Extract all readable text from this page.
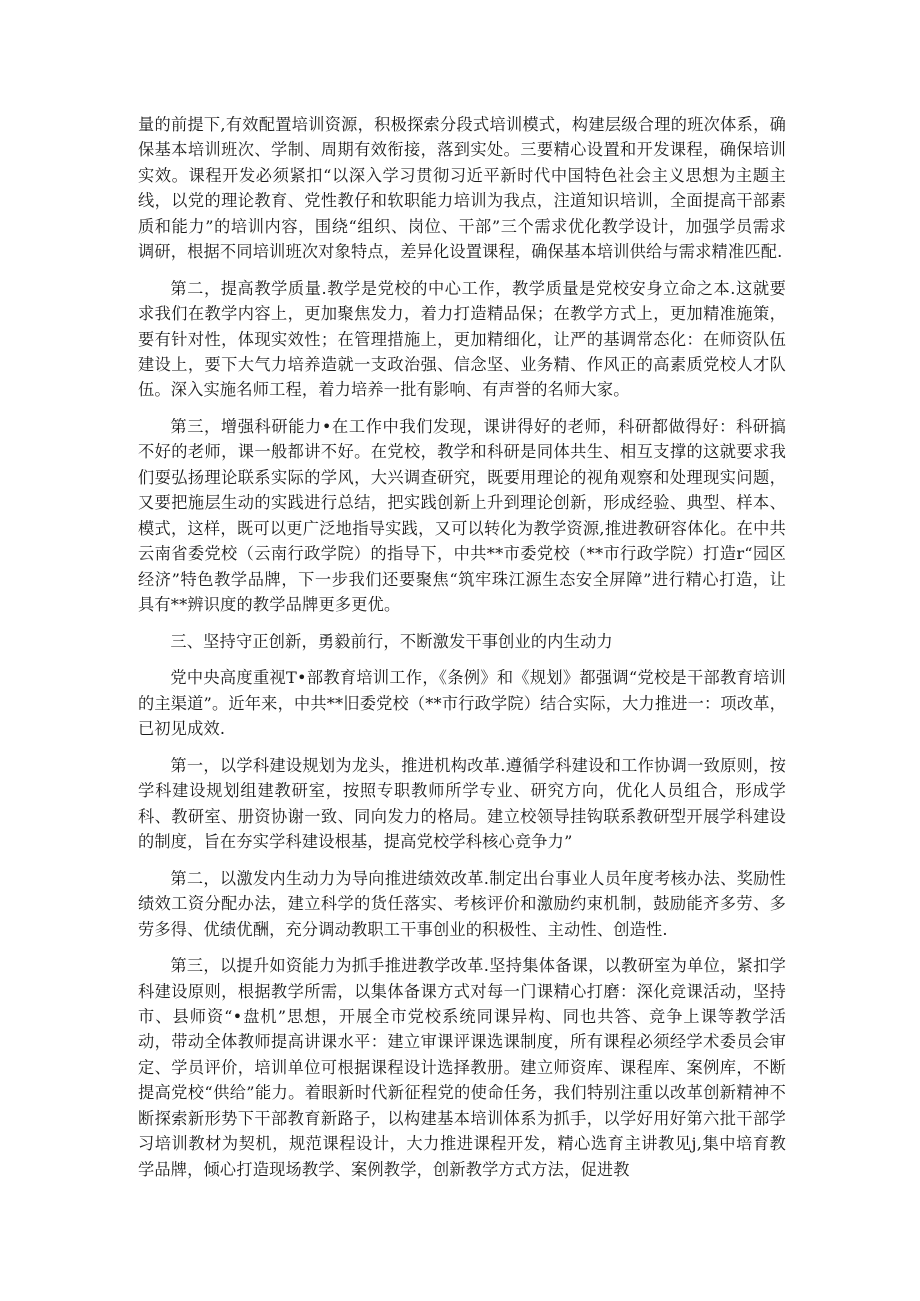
量的前提下,有效配置培训资源，积极探索分段式培训模式，构建层级合理的班次体系，确保基本培训班次、学制、周期有效衔接，落到实处。三要精心设置和开发课程，确保培训实效。课程开发必须紧扣“以深入学习贯彻习近平新时代中国特色社会主义思想为主题主线，以党的理论教育、党性教仔和软职能力培训为我点，注道知识培训，全面提高干部素质和能力”的培训内容，围绕“组织、岗位、干部”三个需求优化教学设计，加强学员需求调研，根据不同培训班次对象特点，差异化设置课程，确保基本培训供给与需求精准匹配.

第二，提高教学质量.教学是党校的中心工作，教学质量是党校安身立命之本.这就要求我们在教学内容上，更加聚焦发力，着力打造精品保；在教学方式上，更加精准施策，要有针对性，体现实效性；在管理措施上，更加精细化，让严的基调常态化：在师资队伍建设上，要下大气力培养造就一支政治强、信念坚、业务精、作风正的高素质党校人才队伍。深入实施名师工程，着力培养一批有影响、有声誉的名师大家。

第三，增强科研能力•在工作中我们发现，课讲得好的老师，科研都做得好：科研搞不好的老师，课一般都讲不好。在党校，教学和科研是同体共生、相互支撑的这就要求我们耍弘扬理论联系实际的学风，大兴调查研究，既要用理论的视角观察和处理现实问题，又要把施层生动的实践进行总结，把实践创新上升到理论创新，形成经验、典型、样本、模式，这样，既可以更广泛地指导实践，又可以转化为教学资源,推进教研容体化。在中共云南省委党校（云南行政学院）的指导下，中共**市委党校（**市行政学院）打造r“园区经济”特色教学品牌，下一步我们还要聚焦“筑牢珠江源生态安全屏障”进行精心打造，让具有**辨识度的教学品牌更多更优。

三、坚持守正创新，勇毅前行，不断激发干事创业的内生动力

党中央高度重视T•部教育培训工作，《条例》和《规划》都强调“党校是干部教育培训的主渠道”。近年来，中共**旧委党校（**市行政学院）结合实际，大力推进一：项改革，已初见成效.

第一，以学科建设规划为龙头，推进机构改革.遵循学科建设和工作协调一致原则，按学科建设规划组建教研室，按照专职教师所学专业、研究方向，优化人员组合，形成学科、教研室、册资协谢一致、同向发力的格局。建立校领导挂钩联系教研型开展学科建设的制度，旨在夯实学科建设根基，提高党校学科核心竞争力”

第二，以激发内生动力为导向推进绩效改革.制定出台事业人员年度考核办法、奖励性绩效工资分配办法，建立科学的货任落实、考核评价和激励约束机制，鼓励能齐多劳、多劳多得、优绩优酬，充分调动教职工干事创业的积极性、主动性、创造性.

第三，以提升如资能力为抓手推进教学改革.坚持集体备课，以教研室为单位，紧扣学科建设原则，根据教学所需，以集体备课方式对每一门课精心打磨：深化竞课活动，坚持市、县师资“•盘机”思想，开展全市党校系统同课异构、同也共答、竞争上课等教学活动，带动全体教师提高讲课水平：建立审课评课选课制度，所有课程必须经学术委员会审定、学员评价，培训单位可根据课程设计选择教册。建立师资库、课程库、案例库，不断提高党校“供给”能力。着眼新时代新征程党的使命任务，我们特别注重以改革创新精神不断探索新形势下干部教育新路子，以构建基本培训体系为抓手，以学好用好第六批干部学习培训教材为契机，规范课程设计，大力推进课程开发，精心选育主讲教见j,集中培育教学品牌，倾心打造现场教学、案例教学，创新教学方式方法，促进教
